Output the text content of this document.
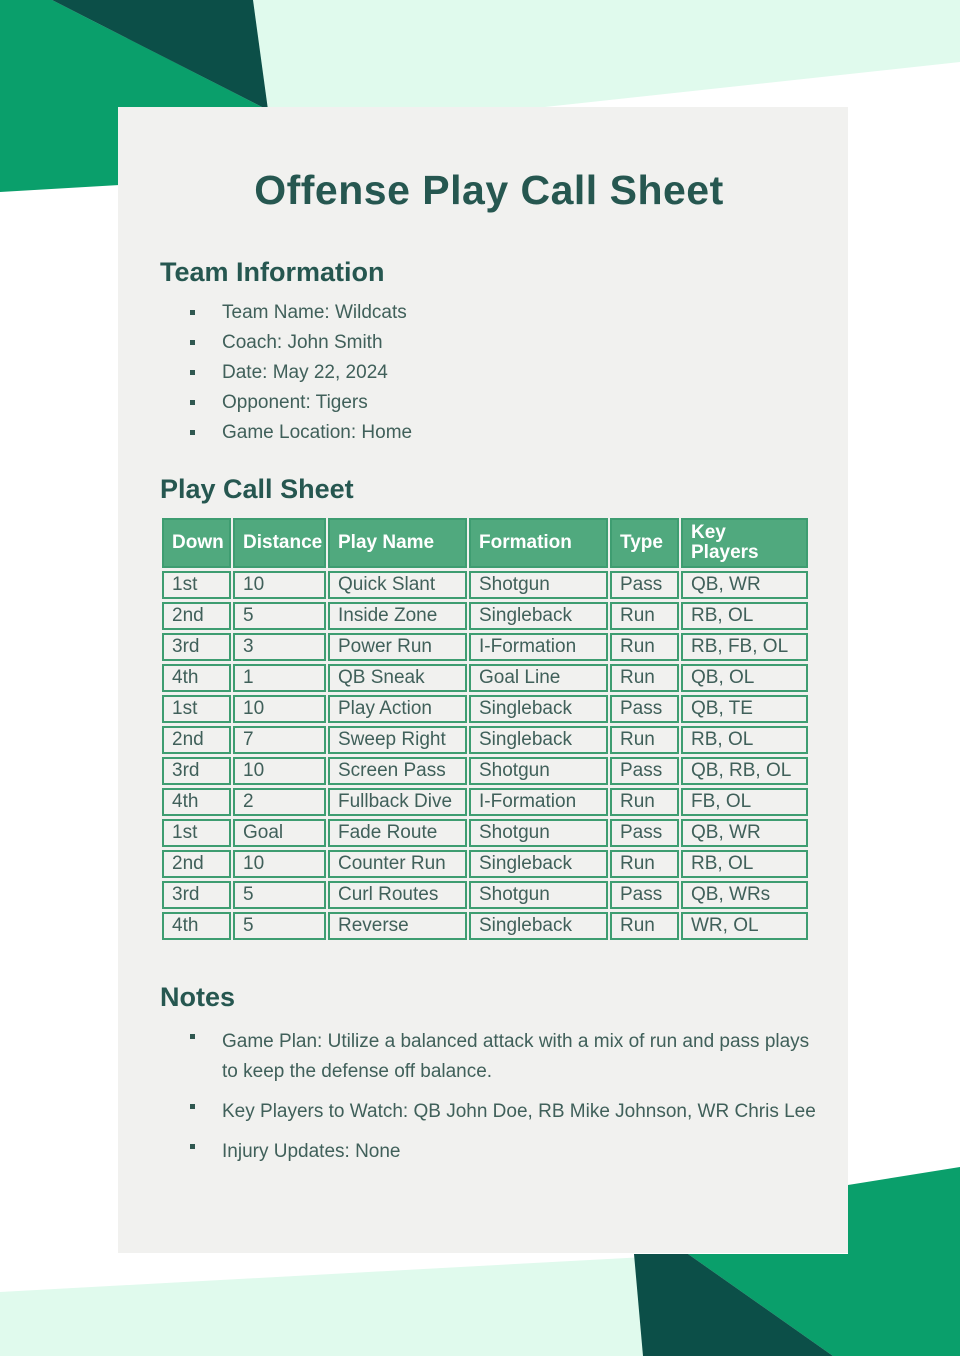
Offense Play Call Sheet
Team Information
Team Name: Wildcats
Coach: John Smith
Date: May 22, 2024
Opponent: Tigers
Game Location: Home
Play Call Sheet
Down	Distance	Play Name	Formation	Type	Key Players
1st	10	Quick Slant	Shotgun	Pass	QB, WR
2nd	5	Inside Zone	Singleback	Run	RB, OL
3rd	3	Power Run	I-Formation	Run	RB, FB, OL
4th	1	QB Sneak	Goal Line	Run	QB, OL
1st	10	Play Action	Singleback	Pass	QB, TE
2nd	7	Sweep Right	Singleback	Run	RB, OL
3rd	10	Screen Pass	Shotgun	Pass	QB, RB, OL
4th	2	Fullback Dive	I-Formation	Run	FB, OL
1st	Goal	Fade Route	Shotgun	Pass	QB, WR
2nd	10	Counter Run	Singleback	Run	RB, OL
3rd	5	Curl Routes	Shotgun	Pass	QB, WRs
4th	5	Reverse	Singleback	Run	WR, OL
Notes
Game Plan: Utilize a balanced attack with a mix of run and pass plays to keep the defense off balance.
Key Players to Watch: QB John Doe, RB Mike Johnson, WR Chris Lee
Injury Updates: None
